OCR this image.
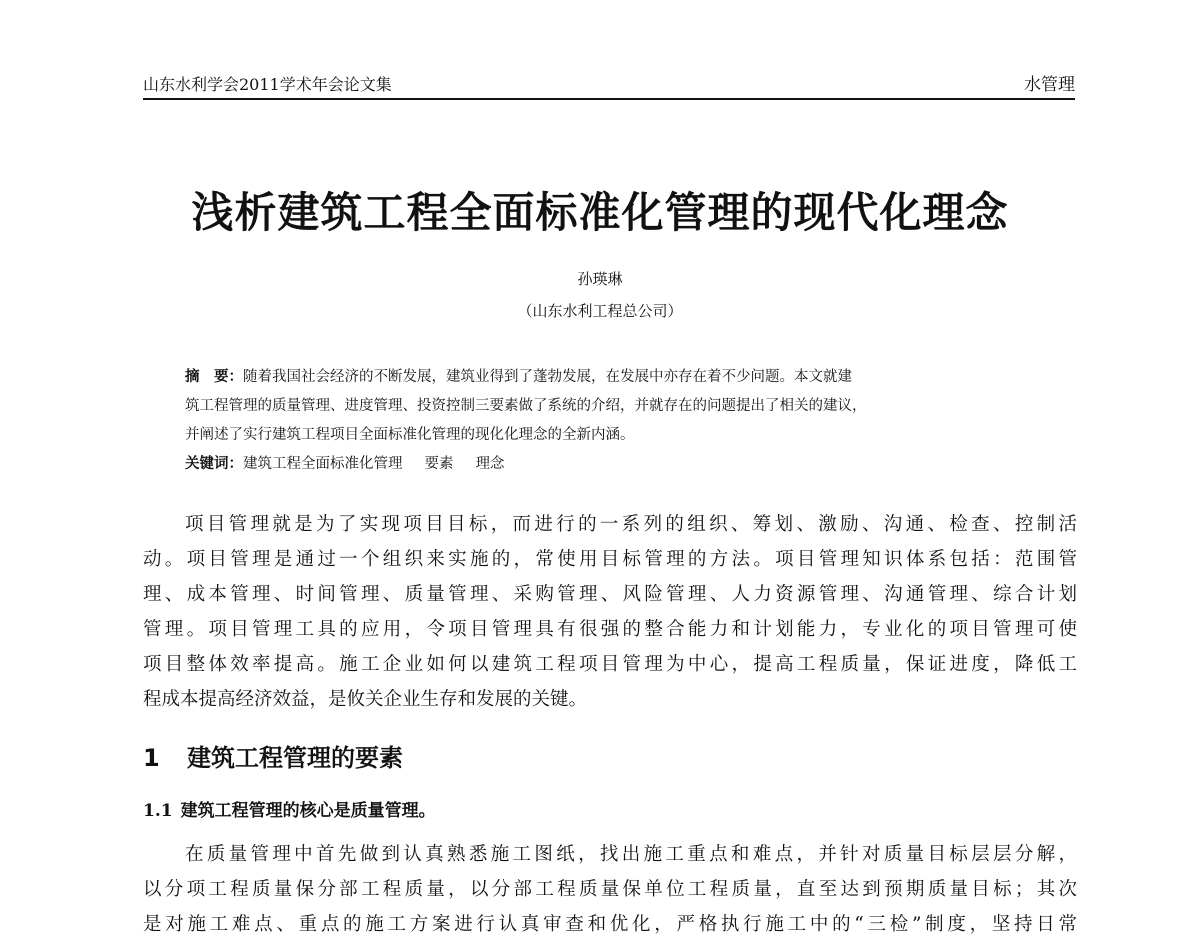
山东水利学会2011学术年会论文集	水管理
浅析建筑工程全面标准化管理的现代化理念
孙瑛琳
（山东水利工程总公司）
摘　要：随着我国社会经济的不断发展，建筑业得到了蓬勃发展，在发展中亦存在着不少问题。本文就建
筑工程管理的质量管理、进度管理、投资控制三要素做了系统的介绍，并就存在的问题提出了相关的建议，
并阐述了实行建筑工程项目全面标准化管理的现化化理念的全新内涵。
关键词：建筑工程全面标准化管理 要素 理念
项目管理就是为了实现项目目标，而进行的一系列的组织、筹划、激励、沟通、检查、控制活
动。项目管理是通过一个组织来实施的，常使用目标管理的方法。项目管理知识体系包括：范围管
理、成本管理、时间管理、质量管理、采购管理、风险管理、人力资源管理、沟通管理、综合计划
管理。项目管理工具的应用，令项目管理具有很强的整合能力和计划能力，专业化的项目管理可使
项目整体效率提高。施工企业如何以建筑工程项目管理为中心，提高工程质量，保证进度，降低工
程成本提高经济效益，是攸关企业生存和发展的关键。
1 建筑工程管理的要素
1.1 建筑工程管理的核心是质量管理。
在质量管理中首先做到认真熟悉施工图纸，找出施工重点和难点，并针对质量目标层层分解，
以分项工程质量保分部工程质量，以分部工程质量保单位工程质量，直至达到预期质量目标；其次
是对施工难点、重点的施工方案进行认真审查和优化，严格执行施工中的“三检”制度，坚持日常
